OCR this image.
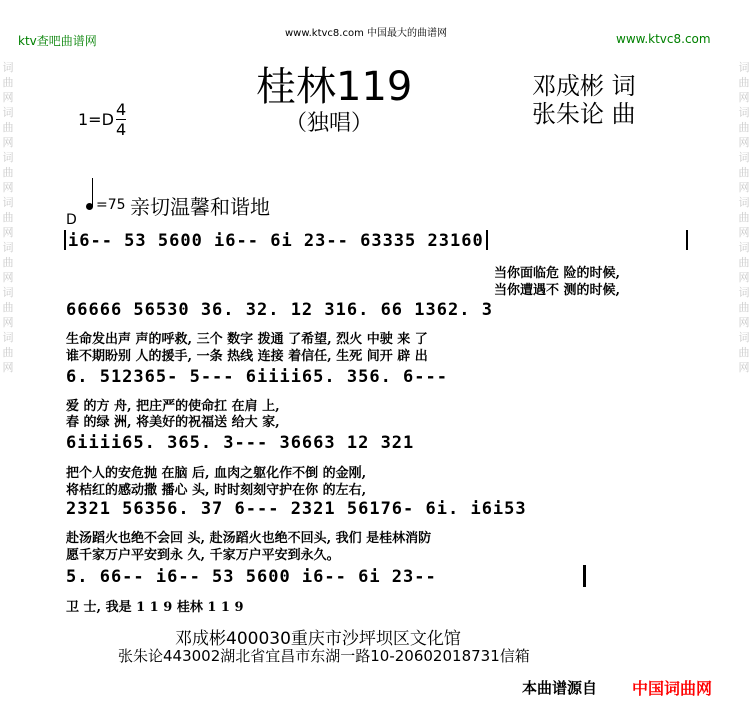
词曲网词曲网词曲网词曲网词曲网词曲网词曲网
词曲网词曲网词曲网词曲网词曲网词曲网词曲网
ktv查吧曲谱网
www.ktvc8.com 中国最大的曲谱网	www.ktvc8.com
桂林119
（独唱）
邓成彬 词
张朱论 曲
1=D
4
4
=75 亲切温馨和谐地
D
i6-- 53 5600 i6-- 6i 23-- 63335 23160
当你面临危 险的时候,
当你遭遇不 测的时候,
66666 56530 36. 32. 12 316. 66 1362. 3
生命发出声 声的呼救, 三个 数字 拨通 了希望, 烈火 中驶 来 了
谁不期盼别 人的援手, 一条 热线 连接 着信任, 生死 间开 辟 出
6. 512365- 5--- 6iiii65. 356. 6---
爱 的方 舟, 把庄严的使命扛 在肩 上,
春 的绿 洲, 将美好的祝福送 给大 家,
6iiii65. 365. 3--- 36663 12 321
把个人的安危抛 在脑 后, 血肉之躯化作不倒 的金刚,
将桔红的感动撒 播心 头, 时时刻刻守护在你 的左右,
2321 56356. 37 6--- 2321 56176- 6i. i6i53
赴汤蹈火也绝不会回 头, 赴汤蹈火也绝不回头, 我们 是桂林消防
愿千家万户平安到永 久, 千家万户平安到永久。
5. 66-- i6-- 53 5600 i6-- 6i 23--
卫 士, 我是 1 1 9 桂林 1 1 9
邓成彬400030重庆市沙坪坝区文化馆
张朱论443002湖北省宜昌市东湖一路10-20602018731信箱
本曲谱源自 中国词曲网
